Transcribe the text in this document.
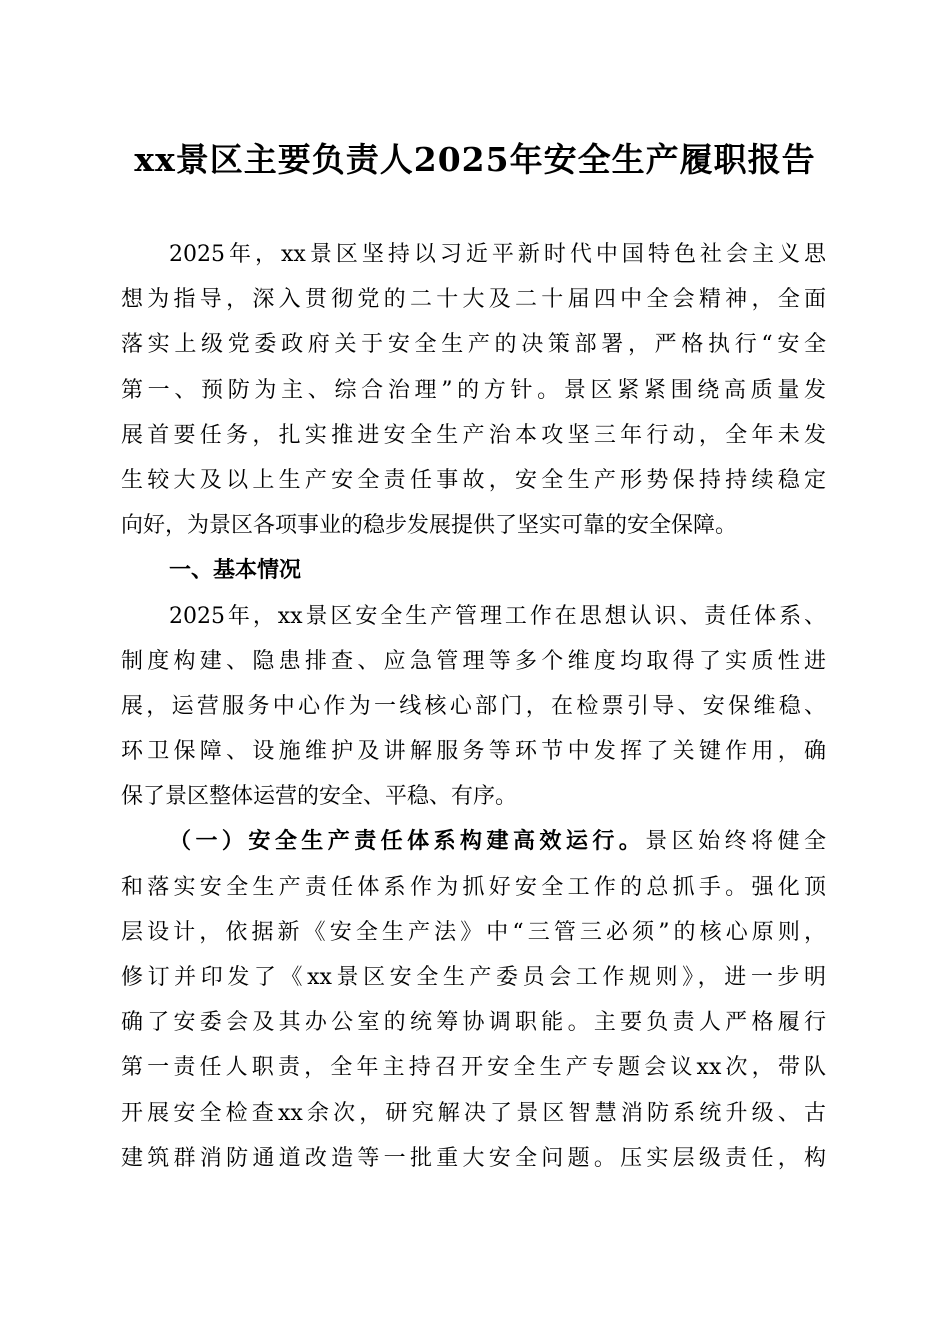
xx景区主要负责人2025年安全生产履职报告
2025年，xx景区坚持以习近平新时代中国特色社会主义思
想为指导，深入贯彻党的二十大及二十届四中全会精神，全面
落实上级党委政府关于安全生产的决策部署，严格执行“安全
第一、预防为主、综合治理”的方针。景区紧紧围绕高质量发
展首要任务，扎实推进安全生产治本攻坚三年行动，全年未发
生较大及以上生产安全责任事故，安全生产形势保持持续稳定
向好，为景区各项事业的稳步发展提供了坚实可靠的安全保障。
一、基本情况
2025年，xx景区安全生产管理工作在思想认识、责任体系、
制度构建、隐患排查、应急管理等多个维度均取得了实质性进
展，运营服务中心作为一线核心部门，在检票引导、安保维稳、
环卫保障、设施维护及讲解服务等环节中发挥了关键作用，确
保了景区整体运营的安全、平稳、有序。
（一）安全生产责任体系构建高效运行。景区始终将健全
和落实安全生产责任体系作为抓好安全工作的总抓手。强化顶
层设计，依据新《安全生产法》中“三管三必须”的核心原则，
修订并印发了《xx景区安全生产委员会工作规则》，进一步明
确了安委会及其办公室的统筹协调职能。主要负责人严格履行
第一责任人职责，全年主持召开安全生产专题会议xx次，带队
开展安全检查xx余次，研究解决了景区智慧消防系统升级、古
建筑群消防通道改造等一批重大安全问题。压实层级责任，构
